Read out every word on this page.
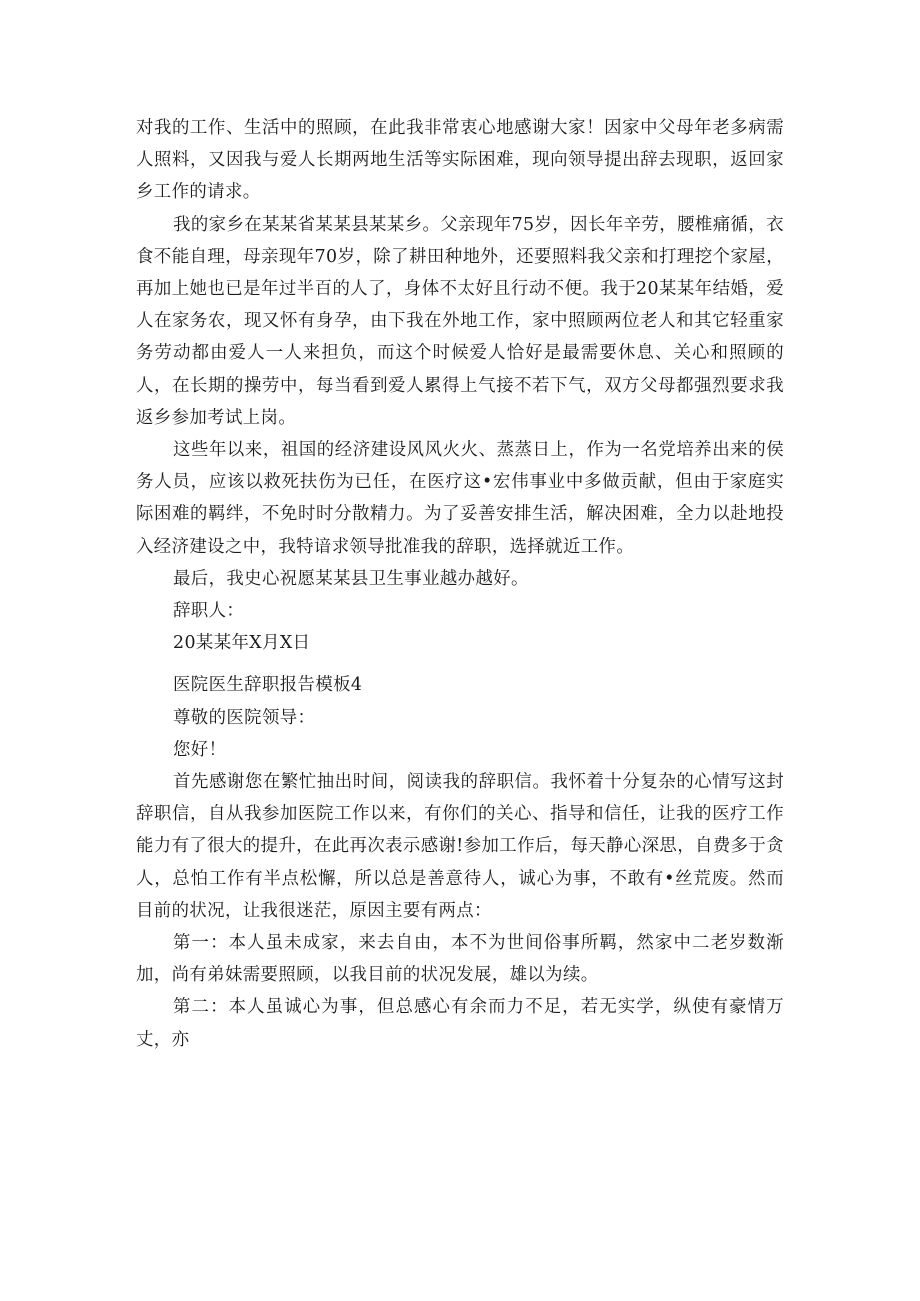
对我的工作、生活中的照顾，在此我非常衷心地感谢大家！因家中父母年老多病需人照料，又因我与爱人长期两地生活等实际困难，现向领导提出辞去现职，返回家乡工作的请求。

我的家乡在某某省某某县某某乡。父亲现年75岁，因长年辛劳，腰椎痛循，衣食不能自理，母亲现年70岁，除了耕田种地外，还要照料我父亲和打理挖个家屋，再加上她也已是年过半百的人了，身体不太好且行动不便。我于20某某年结婚，爱人在家务农，现又怀有身孕，由下我在外地工作，家中照顾两位老人和其它轻重家务劳动都由爱人一人来担负，而这个时候爱人恰好是最需要休息、关心和照顾的人，在长期的操劳中，每当看到爱人累得上气接不若下气，双方父母都强烈要求我返乡参加考试上岗。

这些年以来，祖国的经济建设风风火火、蒸蒸日上，作为一名党培养出来的侯务人员，应该以救死扶伤为已任，在医疗这•宏伟事业中多做贡献，但由于家庭实际困难的羁绊，不免时时分散精力。为了妥善安排生活，解决困难，全力以赴地投入经济建设之中，我特谙求领导批准我的辞职，选择就近工作。

最后，我史心祝愿某某县卫生事业越办越好。

辞职人：

20某某年X月X日

医院医生辞职报告模板4

尊敬的医院领导：

您好！

首先感谢您在繁忙抽出时间，阅读我的辞职信。我怀着十分复杂的心情写这封辞职信，自从我参加医院工作以来，有你们的关心、指导和信任，让我的医疗工作能力有了很大的提升，在此再次表示感谢!参加工作后，每天静心深思，自费多于贪人，总怕工作有半点松懈，所以总是善意待人，诚心为事，不敢有•丝荒废。然而目前的状况，让我很迷茫，原因主要有两点：

第一：本人虽未成家，来去自由，本不为世间俗事所羁，然家中二老岁数渐加，尚有弟妹需要照顾，以我目前的状况发展，雄以为续。

第二：本人虽诚心为事，但总感心有余而力不足，若无实学，纵使有豪情万丈，亦
